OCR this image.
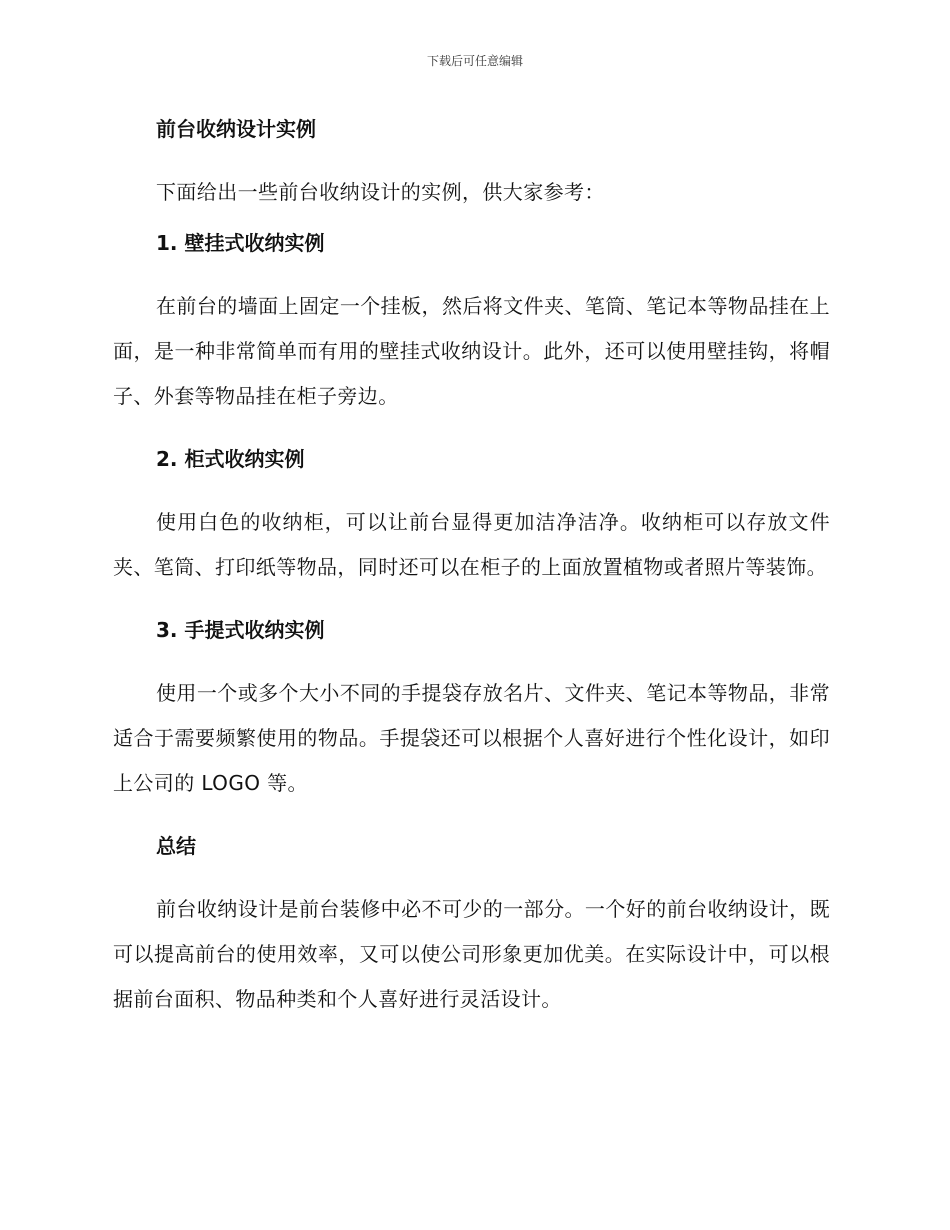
下载后可任意编辑
前台收纳设计实例

下面给出一些前台收纳设计的实例，供大家参考：

1. 壁挂式收纳实例

在前台的墙面上固定一个挂板，然后将文件夹、笔筒、笔记本等物品挂在上面，是一种非常简单而有用的壁挂式收纳设计。此外，还可以使用壁挂钩，将帽子、外套等物品挂在柜子旁边。

2. 柜式收纳实例

使用白色的收纳柜，可以让前台显得更加洁净洁净。收纳柜可以存放文件夹、笔筒、打印纸等物品，同时还可以在柜子的上面放置植物或者照片等装饰。

3. 手提式收纳实例

使用一个或多个大小不同的手提袋存放名片、文件夹、笔记本等物品，非常适合于需要频繁使用的物品。手提袋还可以根据个人喜好进行个性化设计，如印上公司的 LOGO 等。

总结

前台收纳设计是前台装修中必不可少的一部分。一个好的前台收纳设计，既可以提高前台的使用效率，又可以使公司形象更加优美。在实际设计中，可以根据前台面积、物品种类和个人喜好进行灵活设计。
